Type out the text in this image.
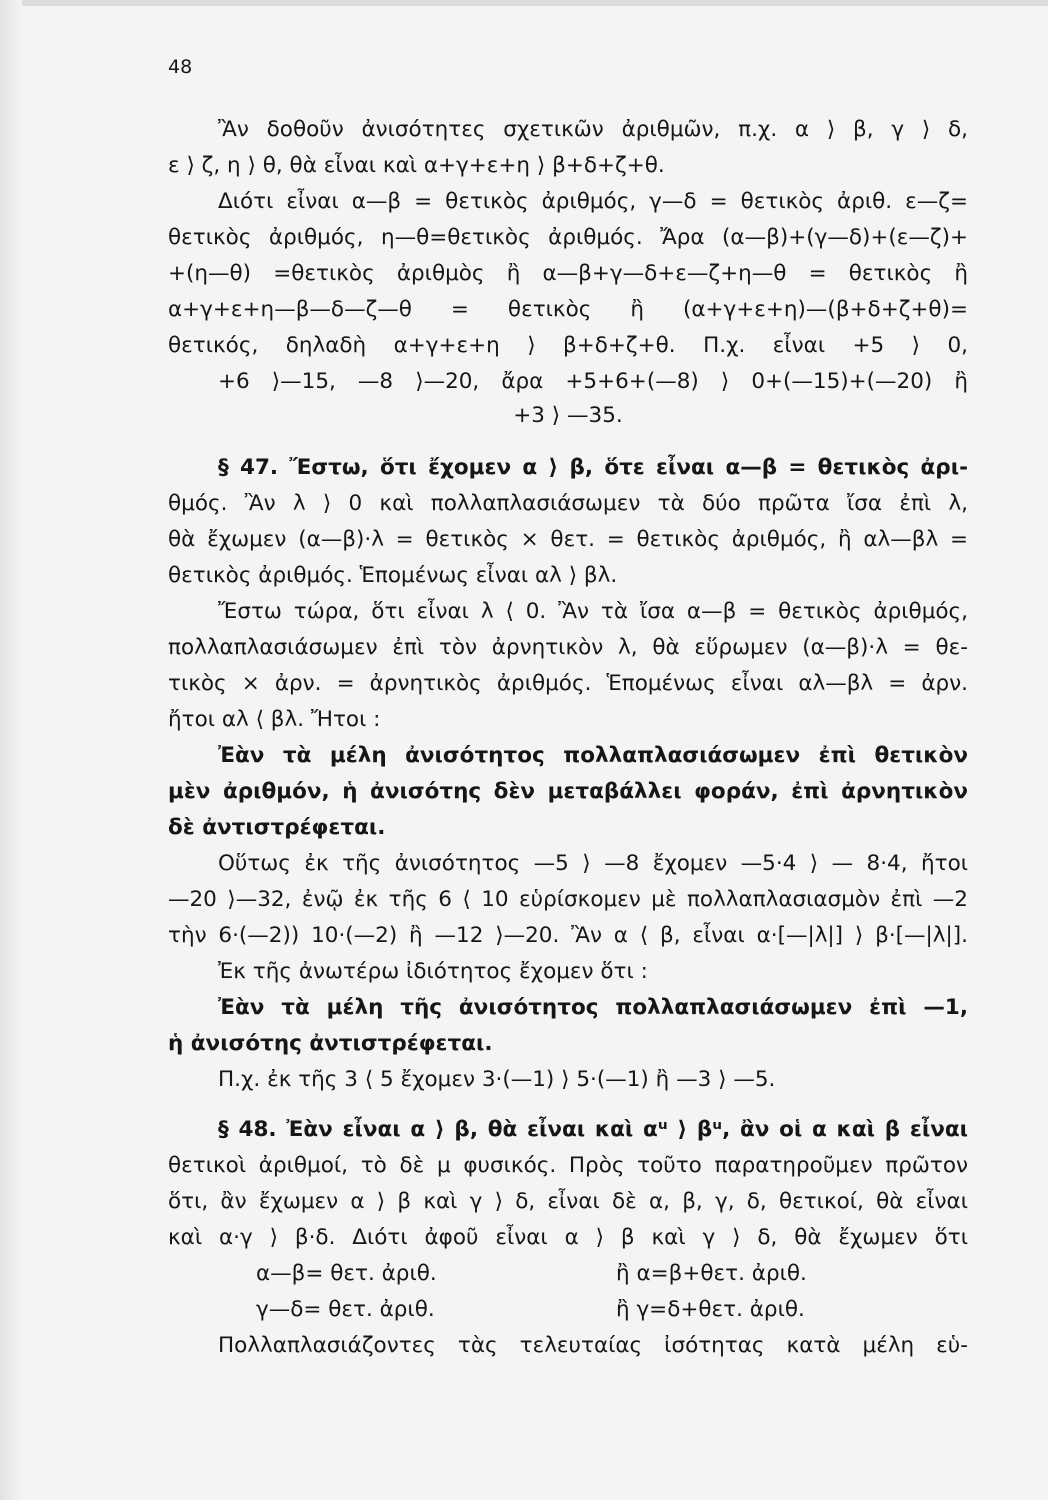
48
Ἂν δοθοῦν ἀνισότητες σχετικῶν ἀριθμῶν, π.χ. α ⟩ β, γ ⟩ δ,
ε ⟩ ζ, η ⟩ θ, θὰ εἶναι καὶ α+γ+ε+η ⟩ β+δ+ζ+θ.
Διότι εἶναι α—β = θετικὸς ἀριθμός, γ—δ = θετικὸς ἀριθ. ε—ζ=
θετικὸς ἀριθμός, η—θ=θετικὸς ἀριθμός. Ἄρα (α—β)+(γ—δ)+(ε—ζ)+
+(η—θ) =θετικὸς ἀριθμὸς ἢ α—β+γ—δ+ε—ζ+η—θ = θετικὸς ἢ
α+γ+ε+η—β—δ—ζ—θ = θετικὸς ἢ (α+γ+ε+η)—(β+δ+ζ+θ)=
θετικός, δηλαδὴ α+γ+ε+η ⟩ β+δ+ζ+θ. Π.χ. εἶναι +5 ⟩ 0,
+6 ⟩—15, —8 ⟩—20, ἄρα +5+6+(—8) ⟩ 0+(—15)+(—20) ἢ
+3 ⟩ —35.
§ 47. Ἔστω, ὅτι ἔχομεν α ⟩ β, ὅτε εἶναι α—β = θετικὸς ἀρι-
θμός. Ἂν λ ⟩ 0 καὶ πολλαπλασιάσωμεν τὰ δύο πρῶτα ἴσα ἐπὶ λ,
θὰ ἔχωμεν (α—β)·λ = θετικὸς × θετ. = θετικὸς ἀριθμός, ἢ αλ—βλ =
θετικὸς ἀριθμός. Ἑπομένως εἶναι αλ ⟩ βλ.
Ἔστω τώρα, ὅτι εἶναι λ ⟨ 0. Ἂν τὰ ἴσα α—β = θετικὸς ἀριθμός,
πολλαπλασιάσωμεν ἐπὶ τὸν ἀρνητικὸν λ, θὰ εὕρωμεν (α—β)·λ = θε-
τικὸς × ἀρν. = ἀρνητικὸς ἀριθμός. Ἑπομένως εἶναι αλ—βλ = ἀρν.
ἤτοι αλ ⟨ βλ. Ἤτοι :
Ἐὰν τὰ μέλη ἀνισότητος πολλαπλασιάσωμεν ἐπὶ θετικὸν
μὲν ἀριθμόν, ἡ ἀνισότης δὲν μεταβάλλει φοράν, ἐπὶ ἀρνητικὸν
δὲ ἀντιστρέφεται.
Οὕτως ἐκ τῆς ἀνισότητος —5 ⟩ —8 ἔχομεν —5·4 ⟩ — 8·4, ἤτοι
—20 ⟩—32, ἐνῷ ἐκ τῆς 6 ⟨ 10 εὑρίσκομεν μὲ πολλαπλασιασμὸν ἐπὶ —2
τὴν 6·(—2)) 10·(—2) ἢ —12 ⟩—20. Ἂν α ⟨ β, εἶναι α·[—|λ|] ⟩ β·[—|λ|].
Ἐκ τῆς ἀνωτέρω ἰδιότητος ἔχομεν ὅτι :
Ἐὰν τὰ μέλη τῆς ἀνισότητος πολλαπλασιάσωμεν ἐπὶ —1,
ἡ ἀνισότης ἀντιστρέφεται.
Π.χ. ἐκ τῆς 3 ⟨ 5 ἔχομεν 3·(—1) ⟩ 5·(—1) ἢ —3 ⟩ —5.
§ 48. Ἐὰν εἶναι α ⟩ β, θὰ εἶναι καὶ αᵘ ⟩ βᵘ, ἂν οἱ α καὶ β εἶναι
θετικοὶ ἀριθμοί, τὸ δὲ μ φυσικός. Πρὸς τοῦτο παρατηροῦμεν πρῶτον
ὅτι, ἂν ἔχωμεν α ⟩ β καὶ γ ⟩ δ, εἶναι δὲ α, β, γ, δ, θετικοί, θὰ εἶναι
καὶ α·γ ⟩ β·δ. Διότι ἀφοῦ εἶναι α ⟩ β καὶ γ ⟩ δ, θὰ ἔχωμεν ὅτι
α—β= θετ. ἀριθ.	ἢ α=β+θετ. ἀριθ.
γ—δ= θετ. ἀριθ.	ἢ γ=δ+θετ. ἀριθ.
Πολλαπλασιάζοντες τὰς τελευταίας ἰσότητας κατὰ μέλη εὑ-
